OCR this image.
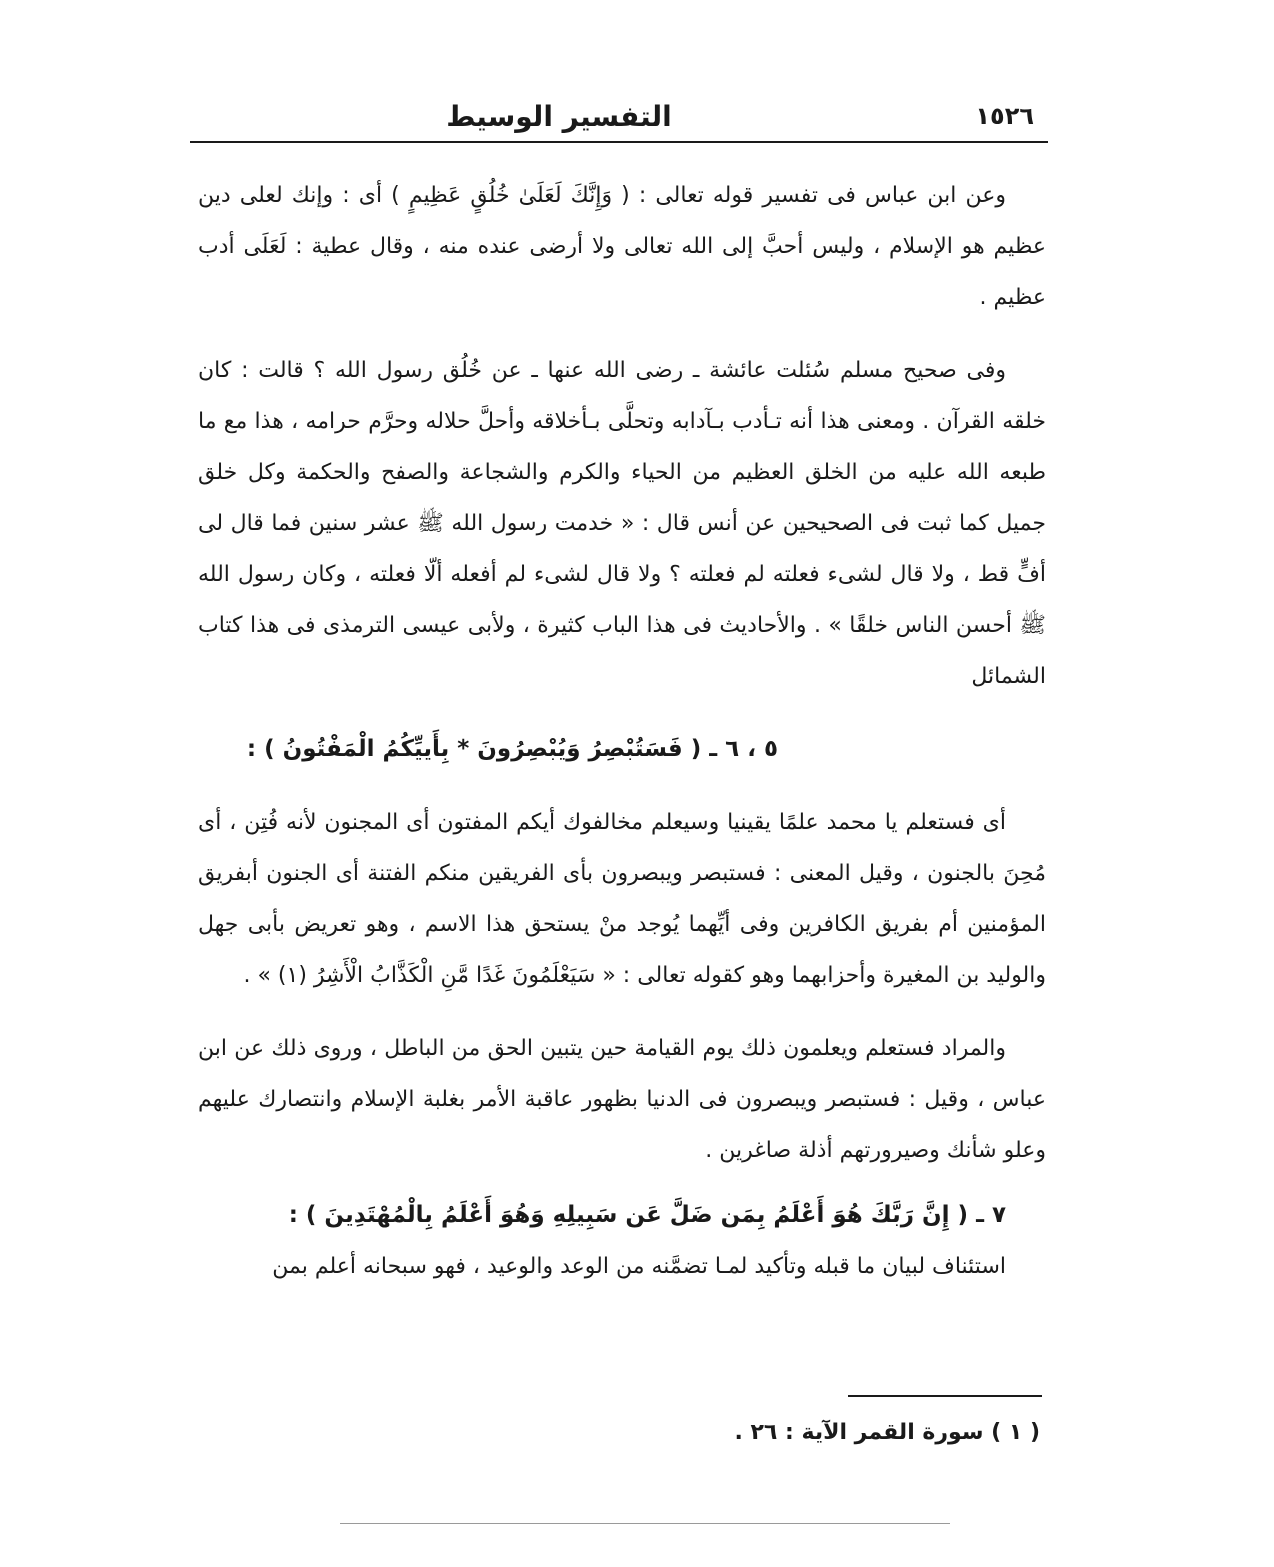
١٥٢٦
التفسير الوسيط

وعن ابن عباس فى تفسير قوله تعالى : ( وَإِنَّكَ لَعَلَىٰ خُلُقٍ عَظِيمٍ ) أى : وإنك لعلى دين عظيم هو الإسلام ، وليس أحبَّ إلى الله تعالى ولا أرضى عنده منه ، وقال عطية : لَعَلَى أدب عظيم .

وفى صحيح مسلم سُئلت عائشة ـ رضى الله عنها ـ عن خُلُق رسول الله ؟ قالت : كان خلقه القرآن . ومعنى هذا أنه تـأدب بـآدابه وتحلَّى بـأخلاقه وأحلَّ حلاله وحرَّم حرامه ، هذا مع ما طبعه الله عليه من الخلق العظيم من الحياء والكرم والشجاعة والصفح والحكمة وكل خلق جميل كما ثبت فى الصحيحين عن أنس قال : « خدمت رسول الله ﷺ عشر سنين فما قال لى أفٍّ قط ، ولا قال لشىء فعلته لم فعلته ؟ ولا قال لشىء لم أفعله ألّا فعلته ، وكان رسول الله ﷺ أحسن الناس خلقًا » . والأحاديث فى هذا الباب كثيرة ، ولأبى عيسى الترمذى فى هذا كتاب الشمائل

٥ ، ٦ ـ ( فَسَتُبْصِرُ وَيُبْصِرُونَ * بِأَييِّكُمُ الْمَفْتُونُ ) :

أى فستعلم يا محمد علمًا يقينيا وسيعلم مخالفوك أيكم المفتون أى المجنون لأنه فُتِن ، أى مُحِنَ بالجنون ، وقيل المعنى : فستبصر ويبصرون بأى الفريقين منكم الفتنة أى الجنون أبفريق المؤمنين أم بفريق الكافرين وفى أيِّهما يُوجد منْ يستحق هذا الاسم ، وهو تعريض بأبى جهل والوليد بن المغيرة وأحزابهما وهو كقوله تعالى : « سَيَعْلَمُونَ غَدًا مَّنِ الْكَذَّابُ الْأَشِرُ (١) » .

والمراد فستعلم ويعلمون ذلك يوم القيامة حين يتبين الحق من الباطل ، وروى ذلك عن ابن عباس ، وقيل : فستبصر ويبصرون فى الدنيا بظهور عاقبة الأمر بغلبة الإسلام وانتصارك عليهم وعلو شأنك وصيرورتهم أذلة صاغرين .

٧ ـ ( إِنَّ رَبَّكَ هُوَ أَعْلَمُ بِمَن ضَلَّ عَن سَبِيلِهِ وَهُوَ أَعْلَمُ بِالْمُهْتَدِينَ ) :

استئناف لبيان ما قبله وتأكيد لمـا تضمَّنه من الوعد والوعيد ، فهو سبحانه أعلم بمن

( ١ ) سورة القمر الآية : ٢٦ .
